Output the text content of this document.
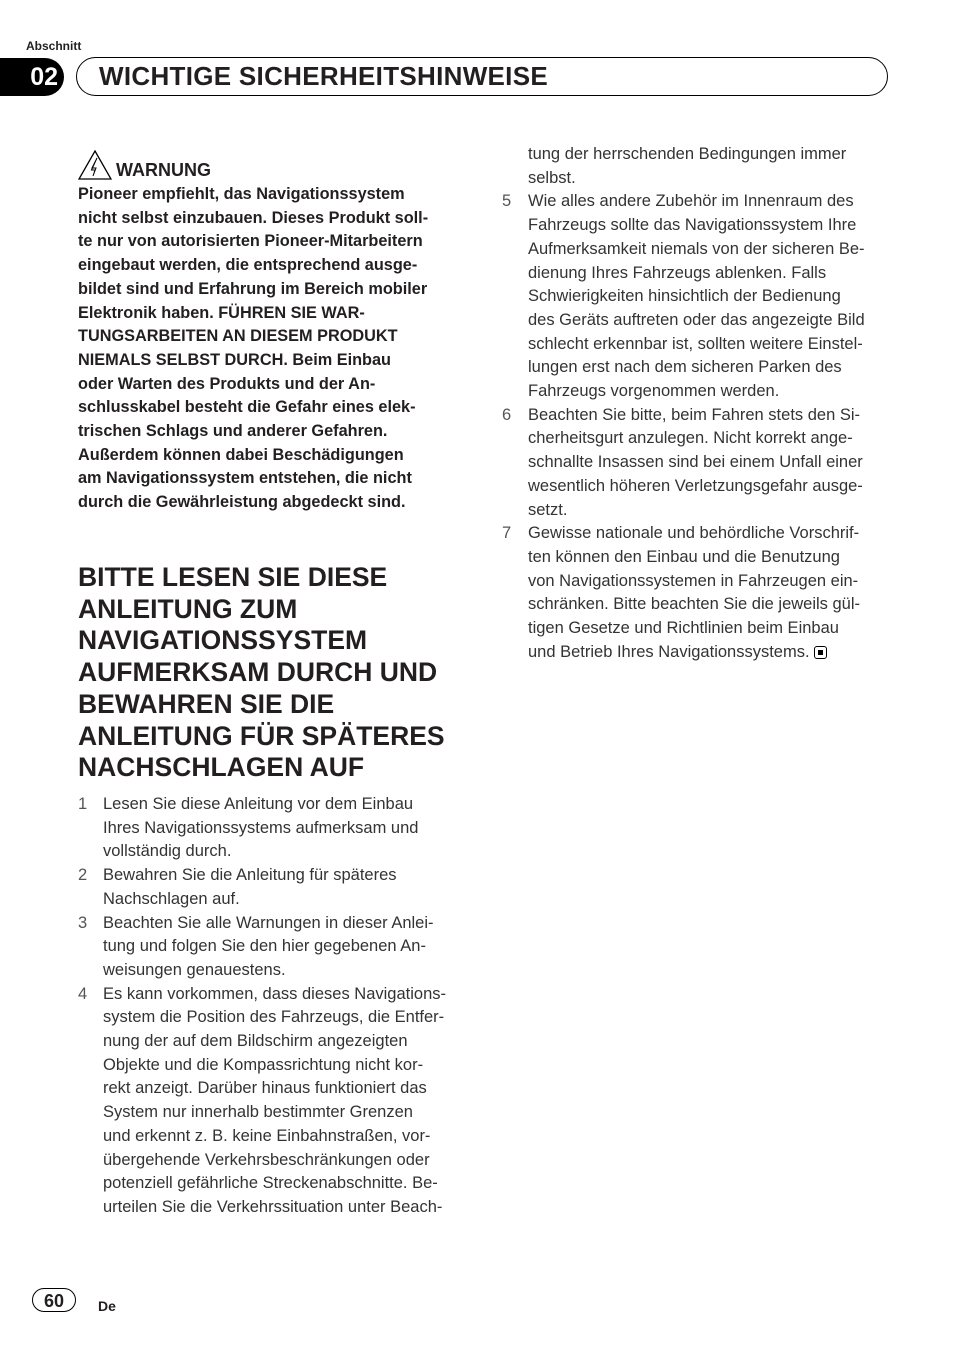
Abschnitt
02 WICHTIGE SICHERHEITSHINWEISE
WARNUNG
Pioneer empfiehlt, das Navigationssystem
nicht selbst einzubauen. Dieses Produkt soll-
te nur von autorisierten Pioneer-Mitarbeitern
eingebaut werden, die entsprechend ausge-
bildet sind und Erfahrung im Bereich mobiler
Elektronik haben. FÜHREN SIE WAR-
TUNGSARBEITEN AN DIESEM PRODUKT
NIEMALS SELBST DURCH. Beim Einbau
oder Warten des Produkts und der An-
schlusskabel besteht die Gefahr eines elek-
trischen Schlags und anderer Gefahren.
Außerdem können dabei Beschädigungen
am Navigationssystem entstehen, die nicht
durch die Gewährleistung abgedeckt sind.
BITTE LESEN SIE DIESE
ANLEITUNG ZUM
NAVIGATIONSSYSTEM
AUFMERKSAM DURCH UND
BEWAHREN SIE DIE
ANLEITUNG FÜR SPÄTERES
NACHSCHLAGEN AUF
1 Lesen Sie diese Anleitung vor dem Einbau
Ihres Navigationssystems aufmerksam und
vollständig durch.
2 Bewahren Sie die Anleitung für späteres
Nachschlagen auf.
3 Beachten Sie alle Warnungen in dieser Anlei-
tung und folgen Sie den hier gegebenen An-
weisungen genauestens.
4 Es kann vorkommen, dass dieses Navigations-
system die Position des Fahrzeugs, die Entfer-
nung der auf dem Bildschirm angezeigten
Objekte und die Kompassrichtung nicht kor-
rekt anzeigt. Darüber hinaus funktioniert das
System nur innerhalb bestimmter Grenzen
und erkennt z. B. keine Einbahnstraßen, vor-
übergehende Verkehrsbeschränkungen oder
potenziell gefährliche Streckenabschnitte. Be-
urteilen Sie die Verkehrssituation unter Beach-
tung der herrschenden Bedingungen immer
selbst.
5 Wie alles andere Zubehör im Innenraum des
Fahrzeugs sollte das Navigationssystem Ihre
Aufmerksamkeit niemals von der sicheren Be-
dienung Ihres Fahrzeugs ablenken. Falls
Schwierigkeiten hinsichtlich der Bedienung
des Geräts auftreten oder das angezeigte Bild
schlecht erkennbar ist, sollten weitere Einstel-
lungen erst nach dem sicheren Parken des
Fahrzeugs vorgenommen werden.
6 Beachten Sie bitte, beim Fahren stets den Si-
cherheitsgurt anzulegen. Nicht korrekt ange-
schnallte Insassen sind bei einem Unfall einer
wesentlich höheren Verletzungsgefahr ausge-
setzt.
7 Gewisse nationale und behördliche Vorschrif-
ten können den Einbau und die Benutzung
von Navigationssystemen in Fahrzeugen ein-
schränken. Bitte beachten Sie die jeweils gül-
tigen Gesetze und Richtlinien beim Einbau
und Betrieb Ihres Navigationssystems.
60	De
